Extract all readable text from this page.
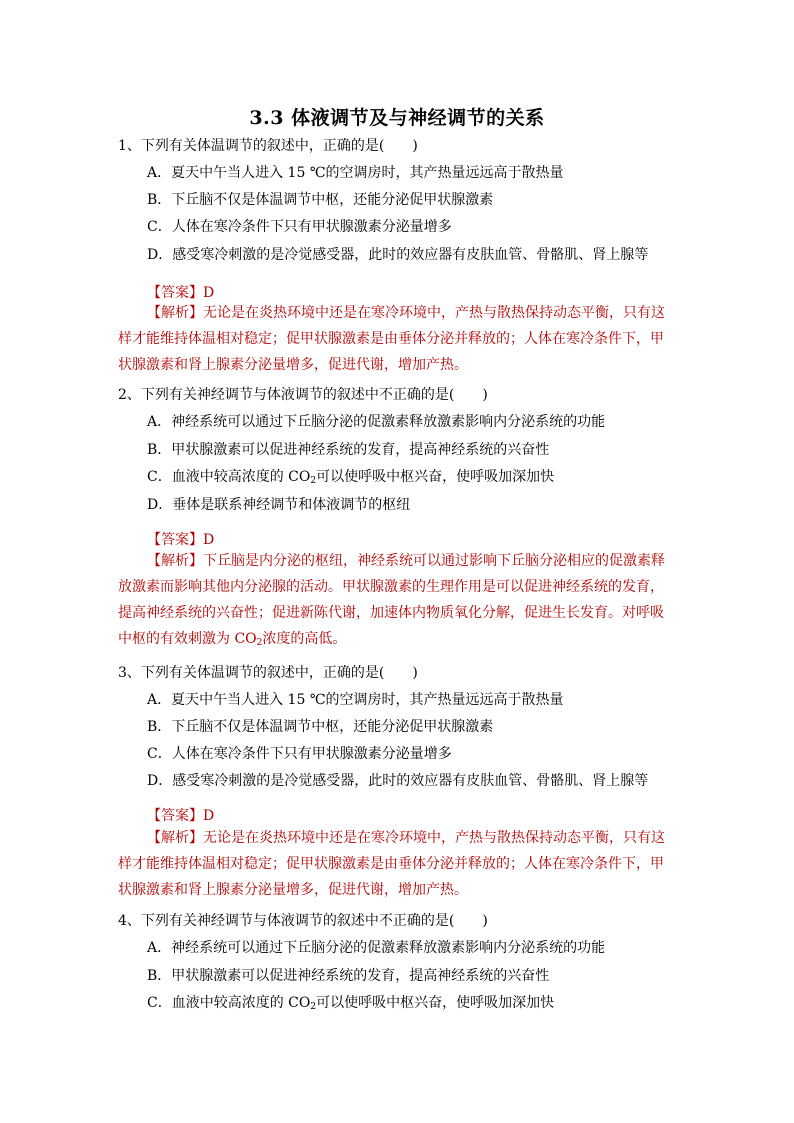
3.3 体液调节及与神经调节的关系
1、下列有关体温调节的叙述中，正确的是(　　)
A．夏天中午当人进入 15 ℃的空调房时，其产热量远远高于散热量
B．下丘脑不仅是体温调节中枢，还能分泌促甲状腺激素
C．人体在寒冷条件下只有甲状腺激素分泌量增多
D．感受寒冷刺激的是冷觉感受器，此时的效应器有皮肤血管、骨骼肌、肾上腺等
【答案】D
【解析】无论是在炎热环境中还是在寒冷环境中，产热与散热保持动态平衡，只有这样才能维持体温相对稳定；促甲状腺激素是由垂体分泌并释放的；人体在寒冷条件下，甲状腺激素和肾上腺素分泌量增多，促进代谢，增加产热。
2、下列有关神经调节与体液调节的叙述中不正确的是(　　)
A．神经系统可以通过下丘脑分泌的促激素释放激素影响内分泌系统的功能
B．甲状腺激素可以促进神经系统的发育，提高神经系统的兴奋性
C．血液中较高浓度的 $CO_2$可以使呼吸中枢兴奋，使呼吸加深加快
D．垂体是联系神经调节和体液调节的枢纽
【答案】D
【解析】下丘脑是内分泌的枢纽，神经系统可以通过影响下丘脑分泌相应的促激素释放激素而影响其他内分泌腺的活动。甲状腺激素的生理作用是可以促进神经系统的发育，提高神经系统的兴奋性；促进新陈代谢，加速体内物质氧化分解，促进生长发育。对呼吸中枢的有效刺激为 $CO_2$浓度的高低。
3、下列有关体温调节的叙述中，正确的是(　　)
A．夏天中午当人进入 15 ℃的空调房时，其产热量远远高于散热量
B．下丘脑不仅是体温调节中枢，还能分泌促甲状腺激素
C．人体在寒冷条件下只有甲状腺激素分泌量增多
D．感受寒冷刺激的是冷觉感受器，此时的效应器有皮肤血管、骨骼肌、肾上腺等
【答案】D
【解析】无论是在炎热环境中还是在寒冷环境中，产热与散热保持动态平衡，只有这样才能维持体温相对稳定；促甲状腺激素是由垂体分泌并释放的；人体在寒冷条件下，甲状腺激素和肾上腺素分泌量增多，促进代谢，增加产热。
4、下列有关神经调节与体液调节的叙述中不正确的是(　　)
A．神经系统可以通过下丘脑分泌的促激素释放激素影响内分泌系统的功能
B．甲状腺激素可以促进神经系统的发育，提高神经系统的兴奋性
C．血液中较高浓度的 $CO_2$可以使呼吸中枢兴奋，使呼吸加深加快
